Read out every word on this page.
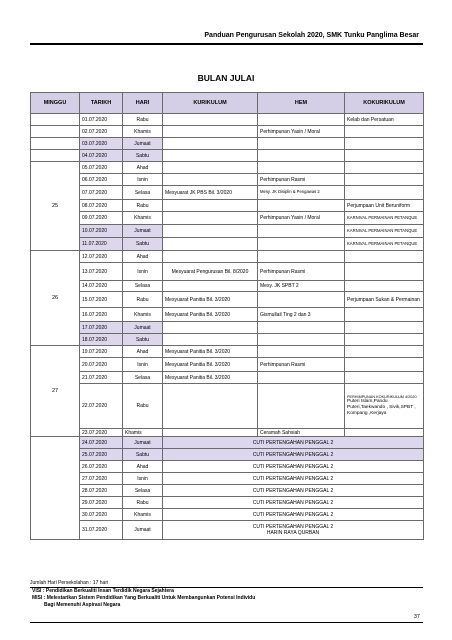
Panduan Pengurusan Sekolah 2020, SMK Tunku Panglima Besar
BULAN JULAI
MINGGU	TARIKH	HARI	KURIKULUM	HEM	KOKURIKULUM
	01.07.2020	Rabu			Kelab dan Persatuan
	02.07.2020	Khamis		Perhimpunan Yasin / Moral	
	03.07.2020	Jumaat			
	04.07.2020	Sabtu			
25	05.07.2020	Ahad			
	06.07.2020	Isnin		Perhimpunan Rasmi	
	07.07.2020	Selasa	Mesyuarat JK PBS Bil. 3/2020	Mesy. JK Disiplin & Pengawas 2	
	08.07.2020	Rabu			Perjumpaan Unit Beruniform
	09.07.2020	Khamis		Perhimpunan Yasin / Moral	KARNIVAL PERMAINAN PETANQUE
	10.07.2020	Jumaat			KARNIVAL PERMAINAN PETANQUE
	11.07.2020	Sabtu			KARNIVAL PERMAINAN PETANQUE
26	12.07.2020	Ahad			
	13.07.2020	Isnin	Mesyuarat Pengurusan Bil. 8/2020	Perhimpunan Rasmi	
	14.07.2020	Selasa		Mesy. JK SPBT 2	
	15.07.2020	Rabu	Mesyuarat Panitia Bil. 3/2020		Perjumpaan Sukan & Permainan
	16.07.2020	Khamis	Mesyuarat Panitia Bil. 3/2020	Gismullail Ting 2 dan 3	
	17.07.2020	Jumaat			
	18.07.2020	Sabtu			
27	19.07.2020	Ahad	Mesyuarat Panitia Bil. 3/2020		
	20.07.2020	Isnin	Mesyuarat Panitia Bil. 3/2020	Perhimpunan Rasmi	
	21.07.2020	Selasa	Mesyuarat Panitia Bil. 3/2020		
	22.07.2020	Rabu			PERHIMPUNAN KOKURIKULUM 4/2020
Puteri Islam,Pandu Puteri,Taekwando , Sivik,SPBT , Kompang ,Kerjaya

	23.07.2020	Khamis		Ceramah Sahsiah	
	24.07.2020	Jumaat	CUTI PERTENGAHAN PENGGAL 2		
	25.07.2020	Sabtu	CUTI PERTENGAHAN PENGGAL 2		
	26.07.2020	Ahad	CUTI PERTENGAHAN PENGGAL 2		
	27.07.2020	Isnin	CUTI PERTENGAHAN PENGGAL 2		
	28.07.2020	Selasa	CUTI PERTENGAHAN PENGGAL 2		
	29.07.2020	Rabu	CUTI PERTENGAHAN PENGGAL 2		
	30.07.2020	Khamis	CUTI PERTENGAHAN PENGGAL 2		
	31.07.2020	Jumaat	CUTI PERTENGAHAN PENGGAL 2
HARIN RAYA QURBAN		
Jumlah Hari Persekolahan : 17 hari
VISI : Pendidikan Berkualiti Insan Terdidik Negara Sejahtera
MISI : Melestarikan Sistem Pendidikan Yang Berkualiti Untuk Membangunkan Potensi Individu
Bagi Memenuhi Aspirasi Negara
37
